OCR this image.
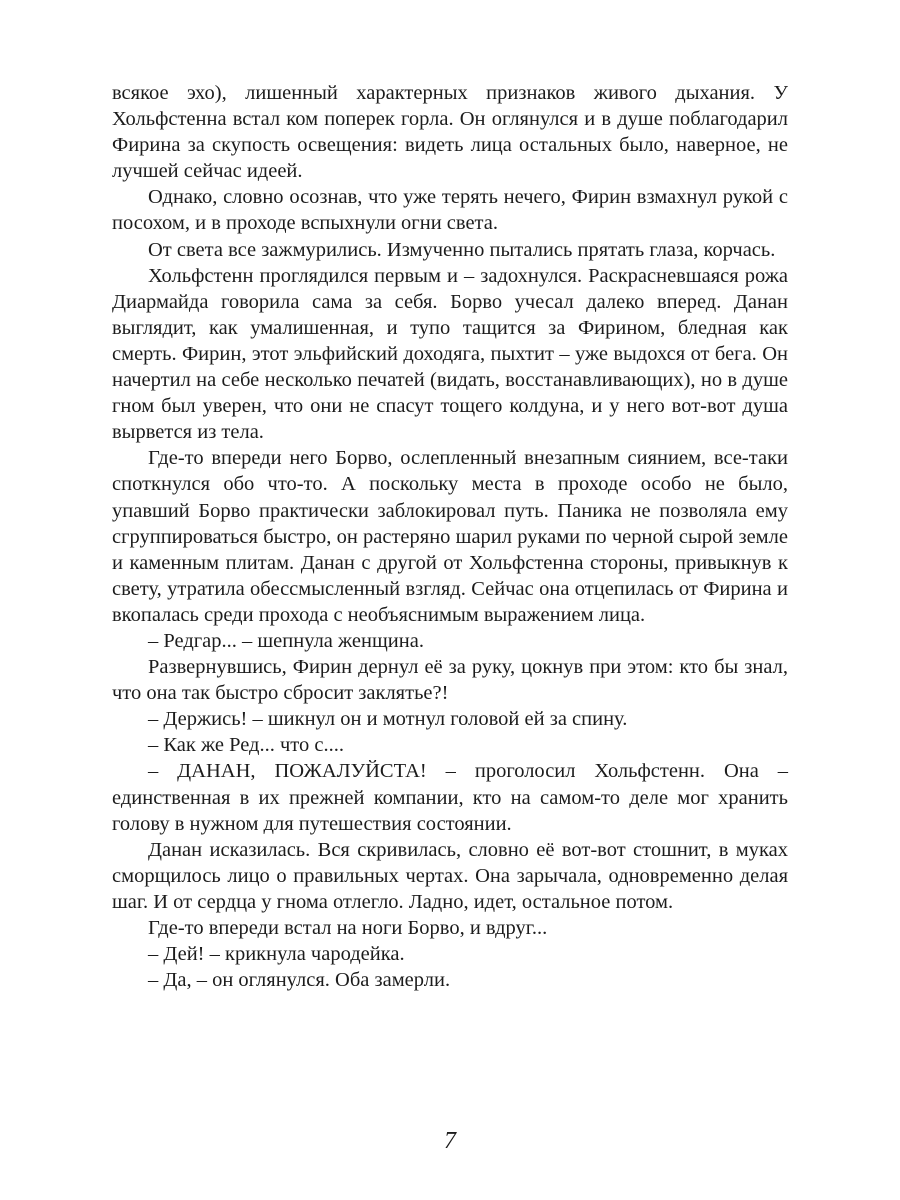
всякое эхо), лишенный характерных признаков живого дыхания. У Хольфстенна встал ком поперек горла. Он оглянулся и в душе поблагодарил Фирина за скупость освещения: видеть лица остальных было, наверное, не лучшей сейчас идеей.

Однако, словно осознав, что уже терять нечего, Фирин взмахнул рукой с посохом, и в проходе вспыхнули огни света.

От света все зажмурились. Измученно пытались прятать глаза, корчась.

Хольфстенн проглядился первым и – задохнулся. Раскрасневшаяся рожа Диармайда говорила сама за себя. Борво учесал далеко вперед. Данан выглядит, как умалишенная, и тупо тащится за Фирином, бледная как смерть. Фирин, этот эльфийский доходяга, пыхтит – уже выдохся от бега. Он начертил на себе несколько печатей (видать, восстанавливающих), но в душе гном был уверен, что они не спасут тощего колдуна, и у него вот-вот душа вырвется из тела.

Где-то впереди него Борво, ослепленный внезапным сиянием, все-таки споткнулся обо что-то. А поскольку места в проходе особо не было, упавший Борво практически заблокировал путь. Паника не позволяла ему сгруппироваться быстро, он растеряно шарил руками по черной сырой земле и каменным плитам. Данан с другой от Хольфстенна стороны, привыкнув к свету, утратила обессмысленный взгляд. Сейчас она отцепилась от Фирина и вкопалась среди прохода с необъяснимым выражением лица.

– Редгар... – шепнула женщина.

Развернувшись, Фирин дернул её за руку, цокнув при этом: кто бы знал, что она так быстро сбросит заклятье?!

– Держись! – шикнул он и мотнул головой ей за спину.

– Как же Ред... что с....

– ДАНАН, ПОЖАЛУЙСТА! – проголосил Хольфстенн. Она – единственная в их прежней компании, кто на самом-то деле мог хранить голову в нужном для путешествия состоянии.

Данан исказилась. Вся скривилась, словно её вот-вот стошнит, в муках сморщилось лицо о правильных чертах. Она зарычала, одновременно делая шаг. И от сердца у гнома отлегло. Ладно, идет, остальное потом.

Где-то впереди встал на ноги Борво, и вдруг...

– Дей! – крикнула чародейка.

– Да, – он оглянулся. Оба замерли.

7
